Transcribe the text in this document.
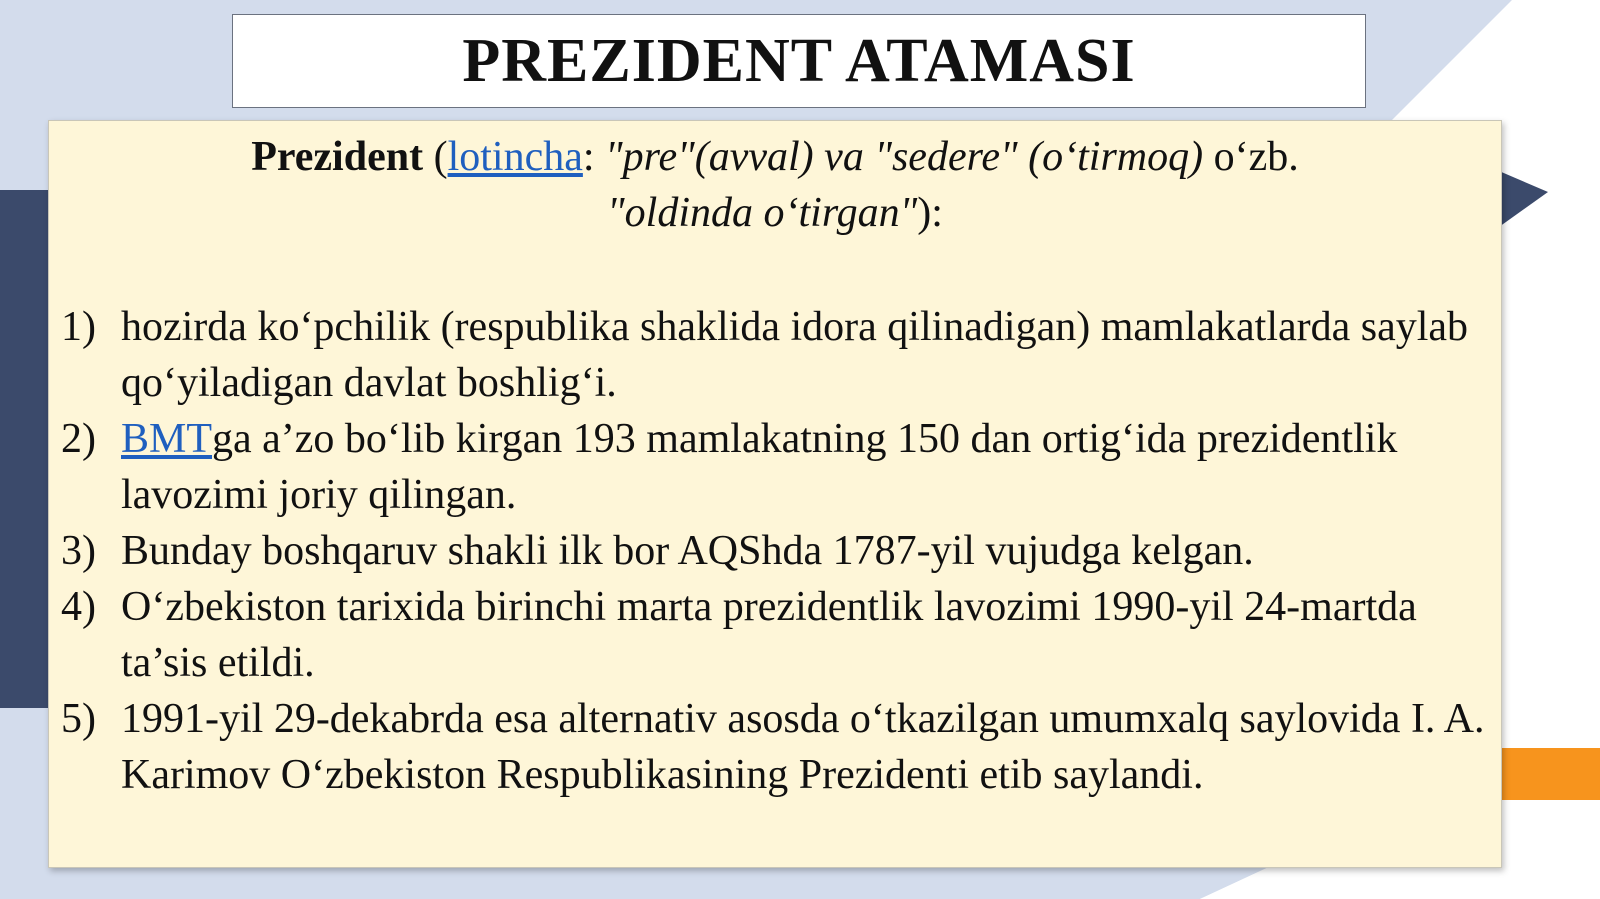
PREZIDENT ATAMASI
Prezident (lotincha: "pre"(avval) va "sedere" (o‘tirmoq) o‘zb.
"oldinda o‘tirgan"):
1) hozirda ko‘pchilik (respublika shaklida idora qilinadigan) mamlakatlarda saylab qo‘yiladigan davlat boshlig‘i.
2) BMTga a’zo bo‘lib kirgan 193 mamlakatning 150 dan ortig‘ida prezidentlik lavozimi joriy qilingan.
3) Bunday boshqaruv shakli ilk bor AQShda 1787-yil vujudga kelgan.
4) O‘zbekiston tarixida birinchi marta prezidentlik lavozimi 1990-yil 24-martda ta’sis etildi.
5) 1991-yil 29-dekabrda esa alternativ asosda o‘tkazilgan umumxalq saylovida I. A. Karimov O‘zbekiston Respublikasining Prezidenti etib saylandi.
